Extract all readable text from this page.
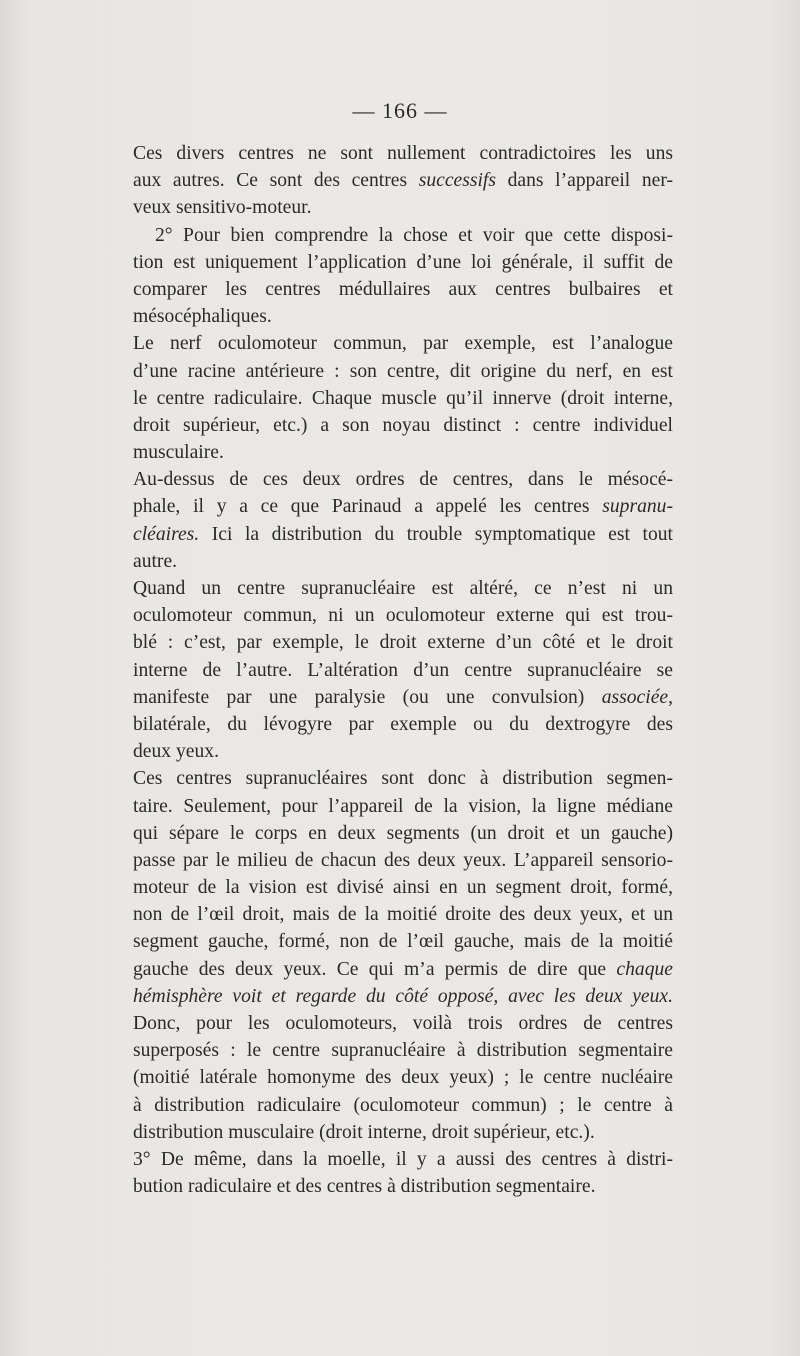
— 166 —
Ces divers centres ne sont nullement contradictoires les uns
aux autres. Ce sont des centres successifs dans l’appareil ner-
veux sensitivo-moteur.
2° Pour bien comprendre la chose et voir que cette disposi-
tion est uniquement l’application d’une loi générale, il suffit de
comparer les centres médullaires aux centres bulbaires et
mésocéphaliques.
Le nerf oculomoteur commun, par exemple, est l’analogue
d’une racine antérieure : son centre, dit origine du nerf, en est
le centre radiculaire. Chaque muscle qu’il innerve (droit interne,
droit supérieur, etc.) a son noyau distinct : centre individuel
musculaire.
Au-dessus de ces deux ordres de centres, dans le mésocé-
phale, il y a ce que Parinaud a appelé les centres supranu-
cléaires. Ici la distribution du trouble symptomatique est tout
autre.
Quand un centre supranucléaire est altéré, ce n’est ni un
oculomoteur commun, ni un oculomoteur externe qui est trou-
blé : c’est, par exemple, le droit externe d’un côté et le droit
interne de l’autre. L’altération d’un centre supranucléaire se
manifeste par une paralysie (ou une convulsion) associée,
bilatérale, du lévogyre par exemple ou du dextrogyre des
deux yeux.
Ces centres supranucléaires sont donc à distribution segmen-
taire. Seulement, pour l’appareil de la vision, la ligne médiane
qui sépare le corps en deux segments (un droit et un gauche)
passe par le milieu de chacun des deux yeux. L’appareil sensorio-
moteur de la vision est divisé ainsi en un segment droit, formé,
non de l’œil droit, mais de la moitié droite des deux yeux, et un
segment gauche, formé, non de l’œil gauche, mais de la moitié
gauche des deux yeux. Ce qui m’a permis de dire que chaque
hémisphère voit et regarde du côté opposé, avec les deux yeux.
Donc, pour les oculomoteurs, voilà trois ordres de centres
superposés : le centre supranucléaire à distribution segmentaire
(moitié latérale homonyme des deux yeux) ; le centre nucléaire
à distribution radiculaire (oculomoteur commun) ; le centre à
distribution musculaire (droit interne, droit supérieur, etc.).
3° De même, dans la moelle, il y a aussi des centres à distri-
bution radiculaire et des centres à distribution segmentaire.
